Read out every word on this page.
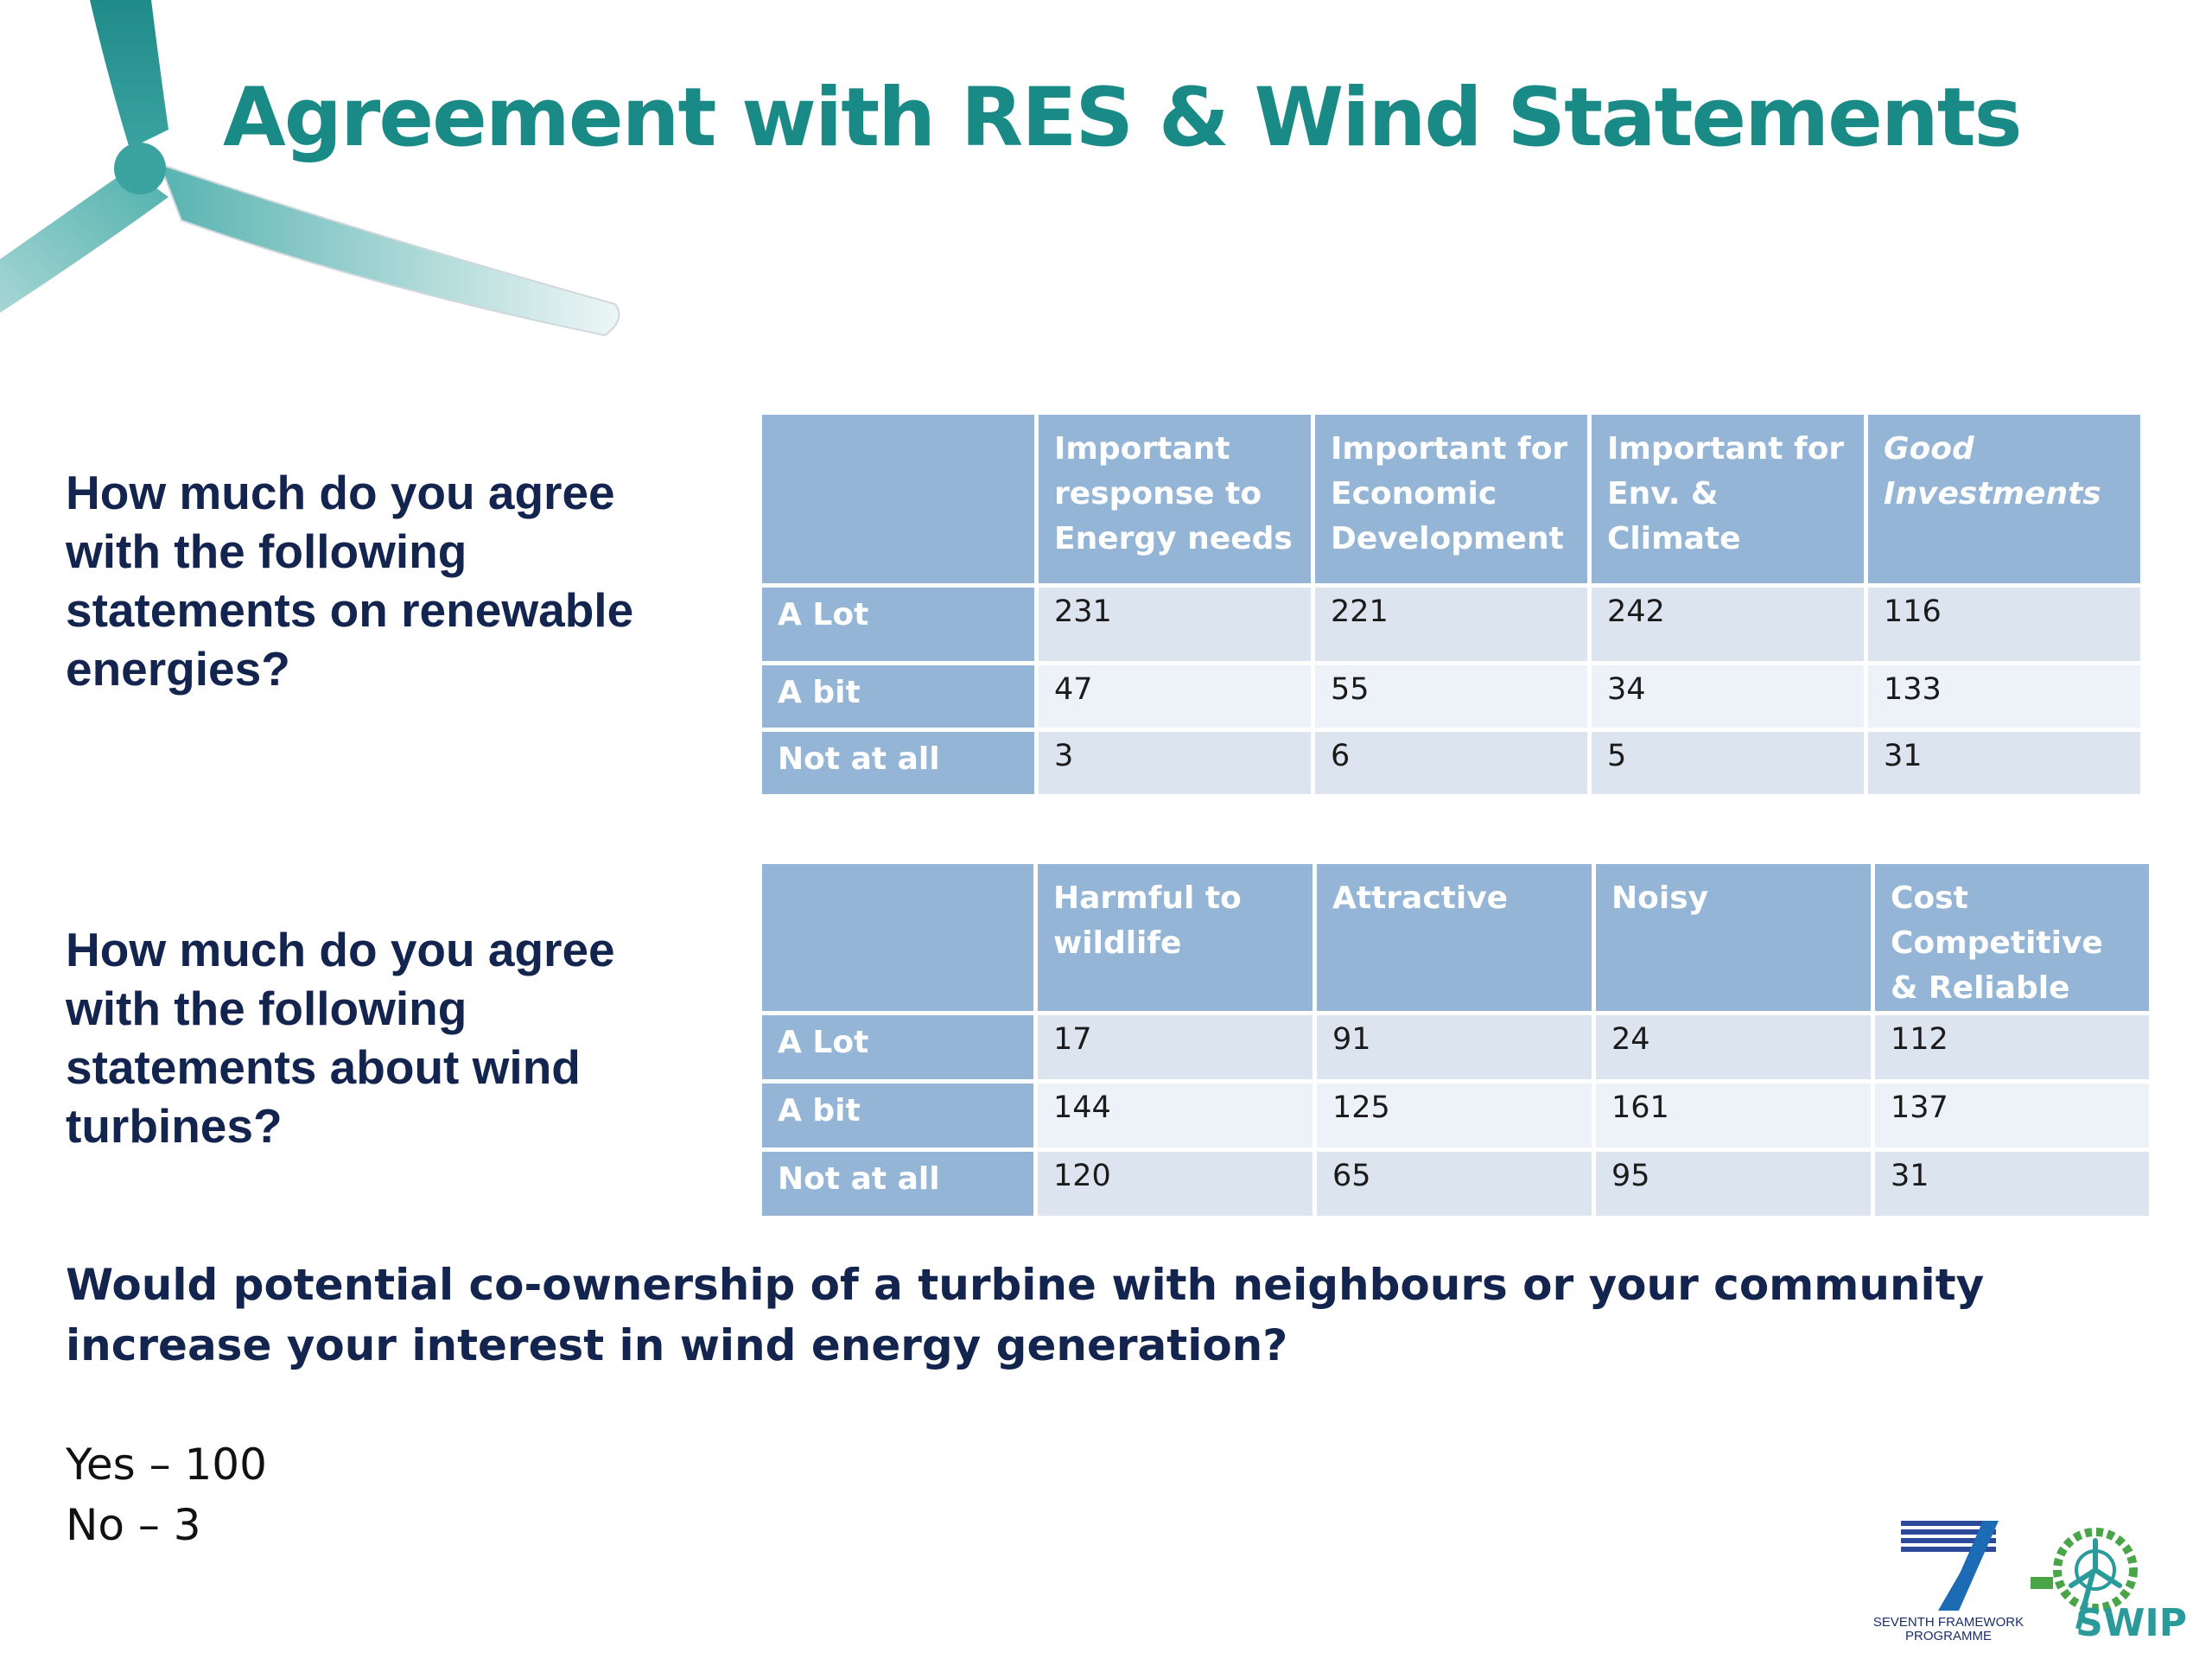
Agreement with RES & Wind Statements
How much do you agree with the following statements on renewable energies?
	Important response to Energy needs	Important for Economic Development	Important for Env. & Climate	Good Investments
A Lot	231	221	242	116
A bit	47	55	34	133
Not at all	3	6	5	31
How much do you agree with the following statements about wind turbines?
	Harmful to wildlife	Attractive	Noisy	Cost Competitive & Reliable
A Lot	17	91	24	112
A bit	144	125	161	137
Not at all	120	65	95	31
Would potential co-ownership of a turbine with neighbours or your community increase your interest in wind energy generation?
Yes – 100
No – 3
SEVENTH FRAMEWORK PROGRAMME	SWIP
